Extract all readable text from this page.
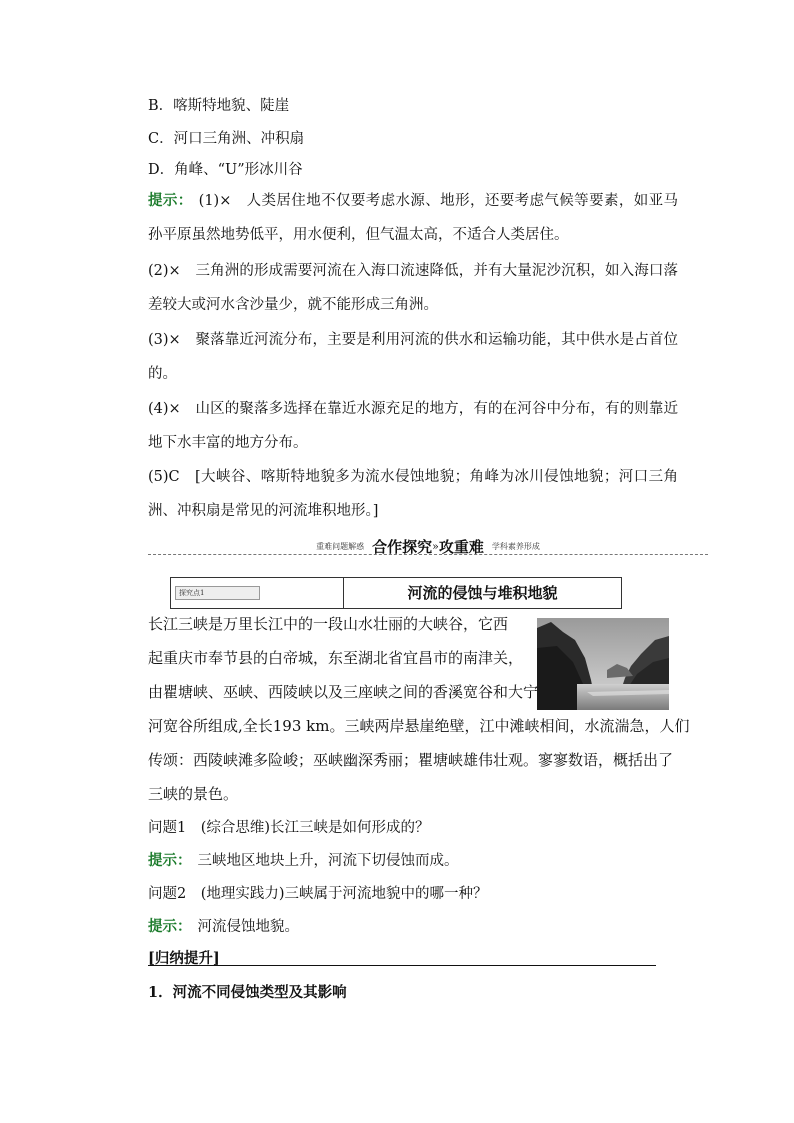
B．喀斯特地貌、陡崖
C．河口三角洲、冲积扇
D．角峰、“U”形冰川谷
提示： (1)×　人类居住地不仅要考虑水源、地形，还要考虑气候等要素，如亚马孙平原虽然地势低平，用水便利，但气温太高，不适合人类居住。
(2)×　三角洲的形成需要河流在入海口流速降低，并有大量泥沙沉积，如入海口落差较大或河水含沙量少，就不能形成三角洲。
(3)×　聚落靠近河流分布，主要是利用河流的供水和运输功能，其中供水是占首位的。
(4)×　山区的聚落多选择在靠近水源充足的地方，有的在河谷中分布，有的则靠近地下水丰富的地方分布。
(5)C　[大峡谷、喀斯特地貌多为流水侵蚀地貌；角峰为冰川侵蚀地貌；河口三角洲、冲积扇是常见的河流堆积地形。]
重难问题解惑 合作探究»攻重难 学科素养形成
探究点1	河流的侵蚀与堆积地貌
长江三峡是万里长江中的一段山水壮丽的大峡谷，它西
起重庆市奉节县的白帝城，东至湖北省宜昌市的南津关，
由瞿塘峡、巫峡、西陵峡以及三座峡之间的香溪宽谷和大宁
河宽谷所组成,全长193 km。三峡两岸悬崖绝壁，江中滩峡相间，水流湍急，人们
传颂：西陵峡滩多险峻；巫峡幽深秀丽；瞿塘峡雄伟壮观。寥寥数语，概括出了
三峡的景色。
问题1　(综合思维)长江三峡是如何形成的？
提示： 三峡地区地块上升，河流下切侵蚀而成。
问题2　(地理实践力)三峡属于河流地貌中的哪一种？
提示： 河流侵蚀地貌。
[归纳提升]
1．河流不同侵蚀类型及其影响
